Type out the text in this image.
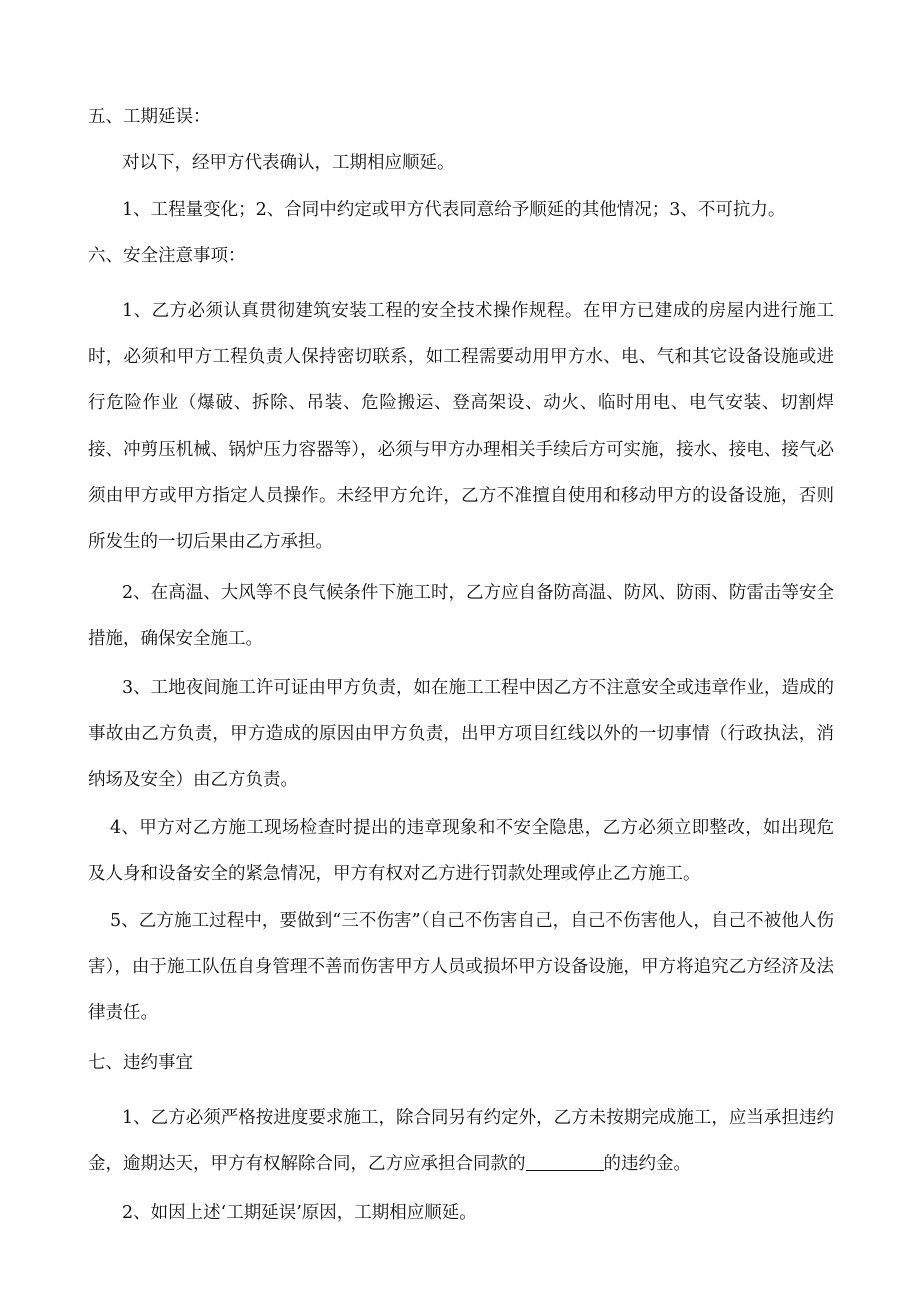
五、工期延误：

对以下，经甲方代表确认，工期相应顺延。

1、工程量变化；2、合同中约定或甲方代表同意给予顺延的其他情况；3、不可抗力。

六、安全注意事项：

1、乙方必须认真贯彻建筑安装工程的安全技术操作规程。在甲方已建成的房屋内进行施工时，必须和甲方工程负责人保持密切联系，如工程需要动用甲方水、电、气和其它设备设施或进行危险作业（爆破、拆除、吊装、危险搬运、登高架设、动火、临时用电、电气安装、切割焊接、冲剪压机械、锅炉压力容器等），必须与甲方办理相关手续后方可实施，接水、接电、接气必须由甲方或甲方指定人员操作。未经甲方允许，乙方不准擅自使用和移动甲方的设备设施，否则所发生的一切后果由乙方承担。

2、在高温、大风等不良气候条件下施工时，乙方应自备防高温、防风、防雨、防雷击等安全措施，确保安全施工。

3、工地夜间施工许可证由甲方负责，如在施工工程中因乙方不注意安全或违章作业，造成的事故由乙方负责，甲方造成的原因由甲方负责，出甲方项目红线以外的一切事情（行政执法，消纳场及安全）由乙方负责。

4、甲方对乙方施工现场检查时提出的违章现象和不安全隐患，乙方必须立即整改，如出现危及人身和设备安全的紧急情况，甲方有权对乙方进行罚款处理或停止乙方施工。

5、乙方施工过程中，要做到“三不伤害”（自己不伤害自己，自己不伤害他人，自己不被他人伤害），由于施工队伍自身管理不善而伤害甲方人员或损坏甲方设备设施，甲方将追究乙方经济及法律责任。

七、违约事宜

1、乙方必须严格按进度要求施工，除合同另有约定外，乙方未按期完成施工，应当承担违约金，逾期达天，甲方有权解除合同，乙方应承担合同款的	的违约金。

2、如因上述‘工期延误’原因，工期相应顺延。
